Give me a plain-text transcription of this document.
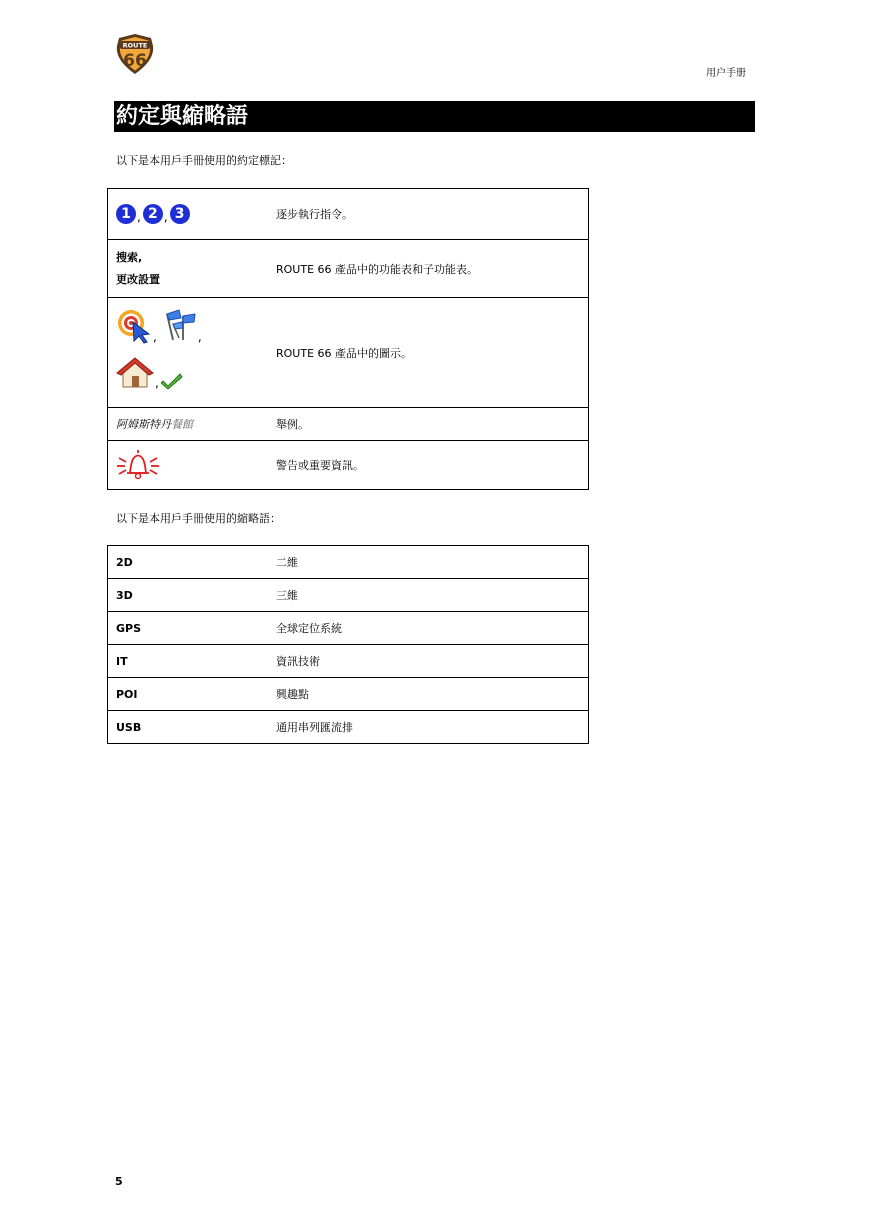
ROUTE
66
用户手册
約定與縮略語
以下是本用戶手冊使用的約定標記：
1 , 2 , 3	逐步執行指令。

搜索,
更改設置	ROUTE 66 產品中的功能表和子功能表。

, ,
,	ROUTE 66 產品中的圖示。
阿姆斯特丹餐館	舉例。
	警告或重要資訊。
以下是本用戶手冊使用的縮略語：
2D	二維
3D	三維
GPS	全球定位系統
IT	資訊技術
POI	興趣點
USB	通用串列匯流排
5
